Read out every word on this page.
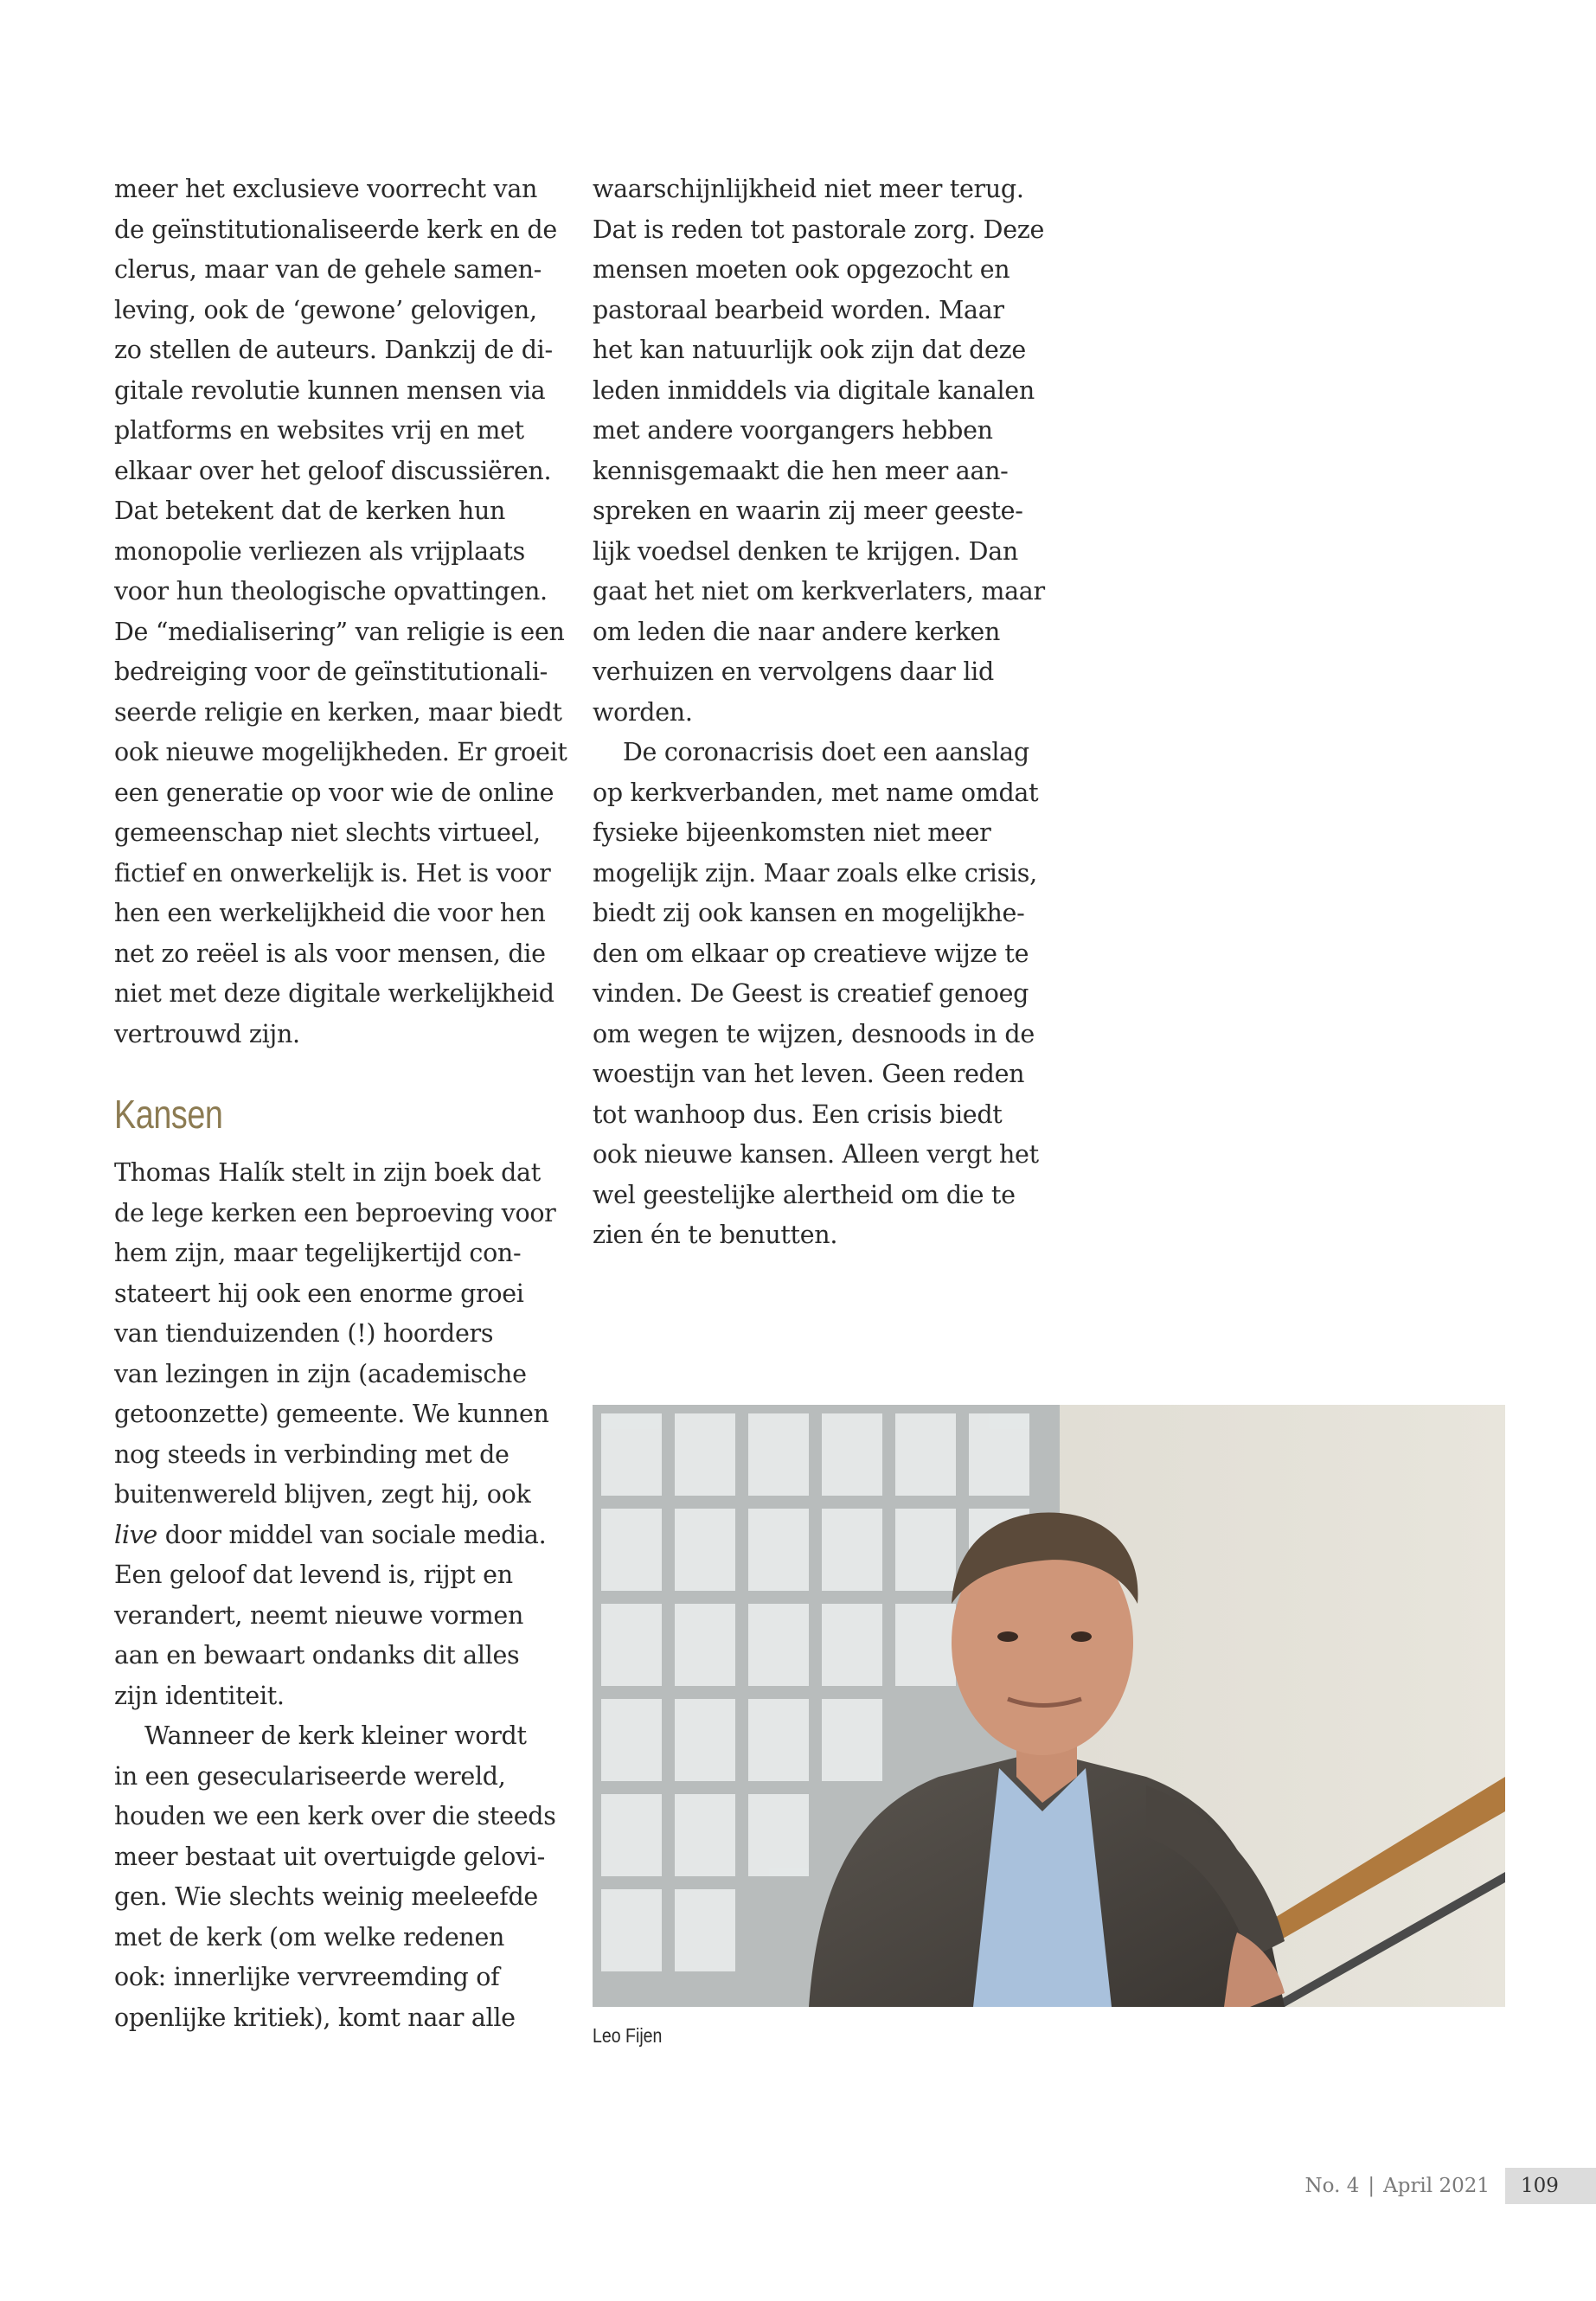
meer het exclusieve voorrecht van
de geïnstitutionaliseerde kerk en de
clerus, maar van de gehele samen-
leving, ook de ‘gewone’ gelovigen,
zo stellen de auteurs. Dankzij de di-
gitale revolutie kunnen mensen via
platforms en websites vrij en met
elkaar over het geloof discussiëren.
Dat betekent dat de kerken hun
monopolie verliezen als vrijplaats
voor hun theologische opvattingen.
De “medialisering” van religie is een
bedreiging voor de geïnstitutionali-
seerde religie en kerken, maar biedt
ook nieuwe mogelijkheden. Er groeit
een generatie op voor wie de online
gemeenschap niet slechts virtueel,
fictief en onwerkelijk is. Het is voor
hen een werkelijkheid die voor hen
net zo reëel is als voor mensen, die
niet met deze digitale werkelijkheid
vertrouwd zijn.
Kansen
Thomas Halík stelt in zijn boek dat
de lege kerken een beproeving voor
hem zijn, maar tegelijkertijd con-
stateert hij ook een enorme groei
van tienduizenden (!) hoorders
van lezingen in zijn (academische
getoonzette) gemeente. We kunnen
nog steeds in verbinding met de
buitenwereld blijven, zegt hij, ook
live door middel van sociale media.
Een geloof dat levend is, rijpt en
verandert, neemt nieuwe vormen
aan en bewaart ondanks dit alles
zijn identiteit.
Wanneer de kerk kleiner wordt
in een geseculariseerde wereld,
houden we een kerk over die steeds
meer bestaat uit overtuigde gelovi-
gen. Wie slechts weinig meeleefde
met de kerk (om welke redenen
ook: innerlijke vervreemding of
openlijke kritiek), komt naar alle
waarschijnlijkheid niet meer terug.
Dat is reden tot pastorale zorg. Deze
mensen moeten ook opgezocht en
pastoraal bearbeid worden. Maar
het kan natuurlijk ook zijn dat deze
leden inmiddels via digitale kanalen
met andere voorgangers hebben
kennisgemaakt die hen meer aan-
spreken en waarin zij meer geeste-
lijk voedsel denken te krijgen. Dan
gaat het niet om kerkverlaters, maar
om leden die naar andere kerken
verhuizen en vervolgens daar lid
worden.
De coronacrisis doet een aanslag
op kerkverbanden, met name omdat
fysieke bijeenkomsten niet meer
mogelijk zijn. Maar zoals elke crisis,
biedt zij ook kansen en mogelijkhe-
den om elkaar op creatieve wijze te
vinden. De Geest is creatief genoeg
om wegen te wijzen, desnoods in de
woestijn van het leven. Geen reden
tot wanhoop dus. Een crisis biedt
ook nieuwe kansen. Alleen vergt het
wel geestelijke alertheid om die te
zien én te benutten.
Leo Fijen
No. 4 | April 2021	109
